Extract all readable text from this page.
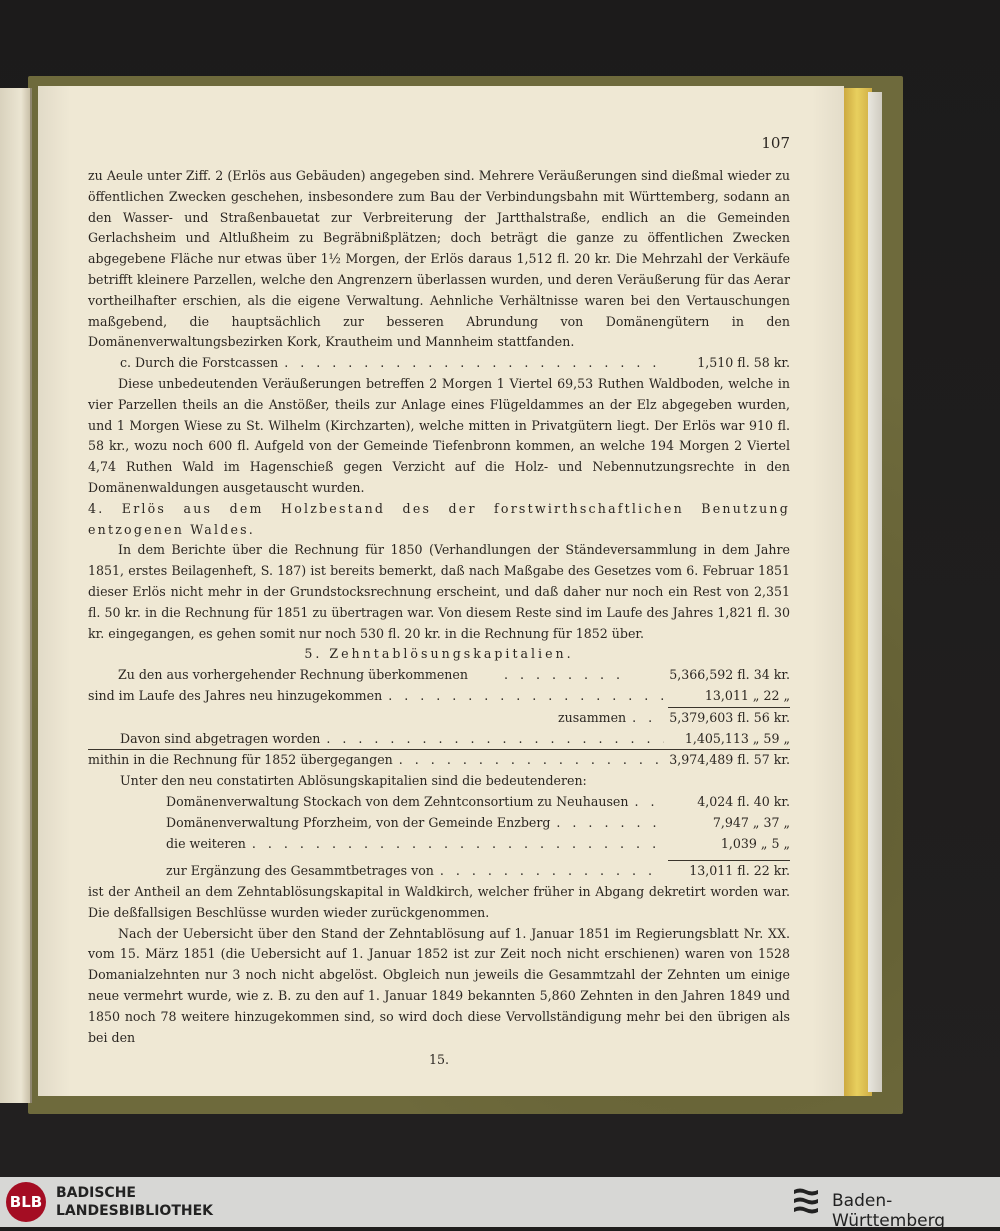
107

zu Aeule unter Ziff. 2 (Erlös aus Gebäuden) angegeben sind. Mehrere Veräußerungen sind dießmal wieder zu öffentlichen Zwecken geschehen, insbesondere zum Bau der Verbindungsbahn mit Württemberg, sodann an den Wasser- und Straßenbauetat zur Verbreiterung der Jartthalstraße, endlich an die Gemeinden Gerlachsheim und Altlußheim zu Begräbnißplätzen; doch beträgt die ganze zu öffentlichen Zwecken abgegebene Fläche nur etwas über 1½ Morgen, der Erlös daraus 1,512 fl. 20 kr. Die Mehrzahl der Verkäufe betrifft kleinere Parzellen, welche den Angrenzern überlassen wurden, und deren Veräußerung für das Aerar vortheilhafter erschien, als die eigene Verwaltung. Aehnliche Verhältnisse waren bei den Vertauschungen maßgebend, die hauptsächlich zur besseren Abrundung von Domänengütern in den Domänenverwaltungsbezirken Kork, Krautheim und Mannheim stattfanden.

c. Durch die Forstcassen . . .	1,510 fl. 58 kr.

Diese unbedeutenden Veräußerungen betreffen 2 Morgen 1 Viertel 69,53 Ruthen Waldboden, welche in vier Parzellen theils an die Anstößer, theils zur Anlage eines Flügeldammes an der Elz abgegeben wurden, und 1 Morgen Wiese zu St. Wilhelm (Kirchzarten), welche mitten in Privatgütern liegt. Der Erlös war 910 fl. 58 kr., wozu noch 600 fl. Aufgeld von der Gemeinde Tiefenbronn kommen, an welche 194 Morgen 2 Viertel 4,74 Ruthen Wald im Hagenschieß gegen Verzicht auf die Holz- und Nebennutzungsrechte in den Domänenwaldungen ausgetauscht wurden.

4. Erlös aus dem Holzbestand des der forstwirthschaftlichen Benutzung entzogenen Waldes.

In dem Berichte über die Rechnung für 1850 (Verhandlungen der Ständeversammlung in dem Jahre 1851, erstes Beilagenheft, S. 187) ist bereits bemerkt, daß nach Maßgabe des Gesetzes vom 6. Februar 1851 dieser Erlös nicht mehr in der Grundstocksrechnung erscheint, und daß daher nur noch ein Rest von 2,351 fl. 50 kr. in die Rechnung für 1851 zu übertragen war. Von diesem Reste sind im Laufe des Jahres 1,821 fl. 30 kr. eingegangen, es gehen somit nur noch 530 fl. 20 kr. in die Rechnung für 1852 über.

5. Zehntablösungskapitalien.

Zu den aus vorhergehender Rechnung überkommenen . . .	5,366,592 fl. 34 kr.
sind im Laufe des Jahres neu hinzugekommen . . .	13,011 „ 22 „
zusammen . . .	5,379,603 fl. 56 kr.
Davon sind abgetragen worden . . .	1,405,113 „ 59 „
mithin in die Rechnung für 1852 übergegangen . . .	3,974,489 fl. 57 kr.

Unter den neu constatirten Ablösungskapitalien sind die bedeutenderen:

Domänenverwaltung Stockach von dem Zehntconsortium zu Neuhausen . . .	4,024 fl. 40 kr.
Domänenverwaltung Pforzheim, von der Gemeinde Enzberg . . .	7,947 „ 37 „
die weiteren . . .	1,039 „ 5 „
zur Ergänzung des Gesammtbetrages von . . .	13,011 fl. 22 kr.

ist der Antheil an dem Zehntablösungskapital in Waldkirch, welcher früher in Abgang dekretirt worden war. Die deßfallsigen Beschlüsse wurden wieder zurückgenommen.

Nach der Uebersicht über den Stand der Zehntablösung auf 1. Januar 1851 im Regierungsblatt Nr. XX. vom 15. März 1851 (die Uebersicht auf 1. Januar 1852 ist zur Zeit noch nicht erschienen) waren von 1528 Domanialzehnten nur 3 noch nicht abgelöst. Obgleich nun jeweils die Gesammtzahl der Zehnten um einige neue vermehrt wurde, wie z. B. zu den auf 1. Januar 1849 bekannten 5,860 Zehnten in den Jahren 1849 und 1850 noch 78 weitere hinzugekommen sind, so wird doch diese Vervollständigung mehr bei den übrigen als bei den

15.
BLB BADISCHE
LANDESBIBLIOTHEK	Baden-Württemberg
